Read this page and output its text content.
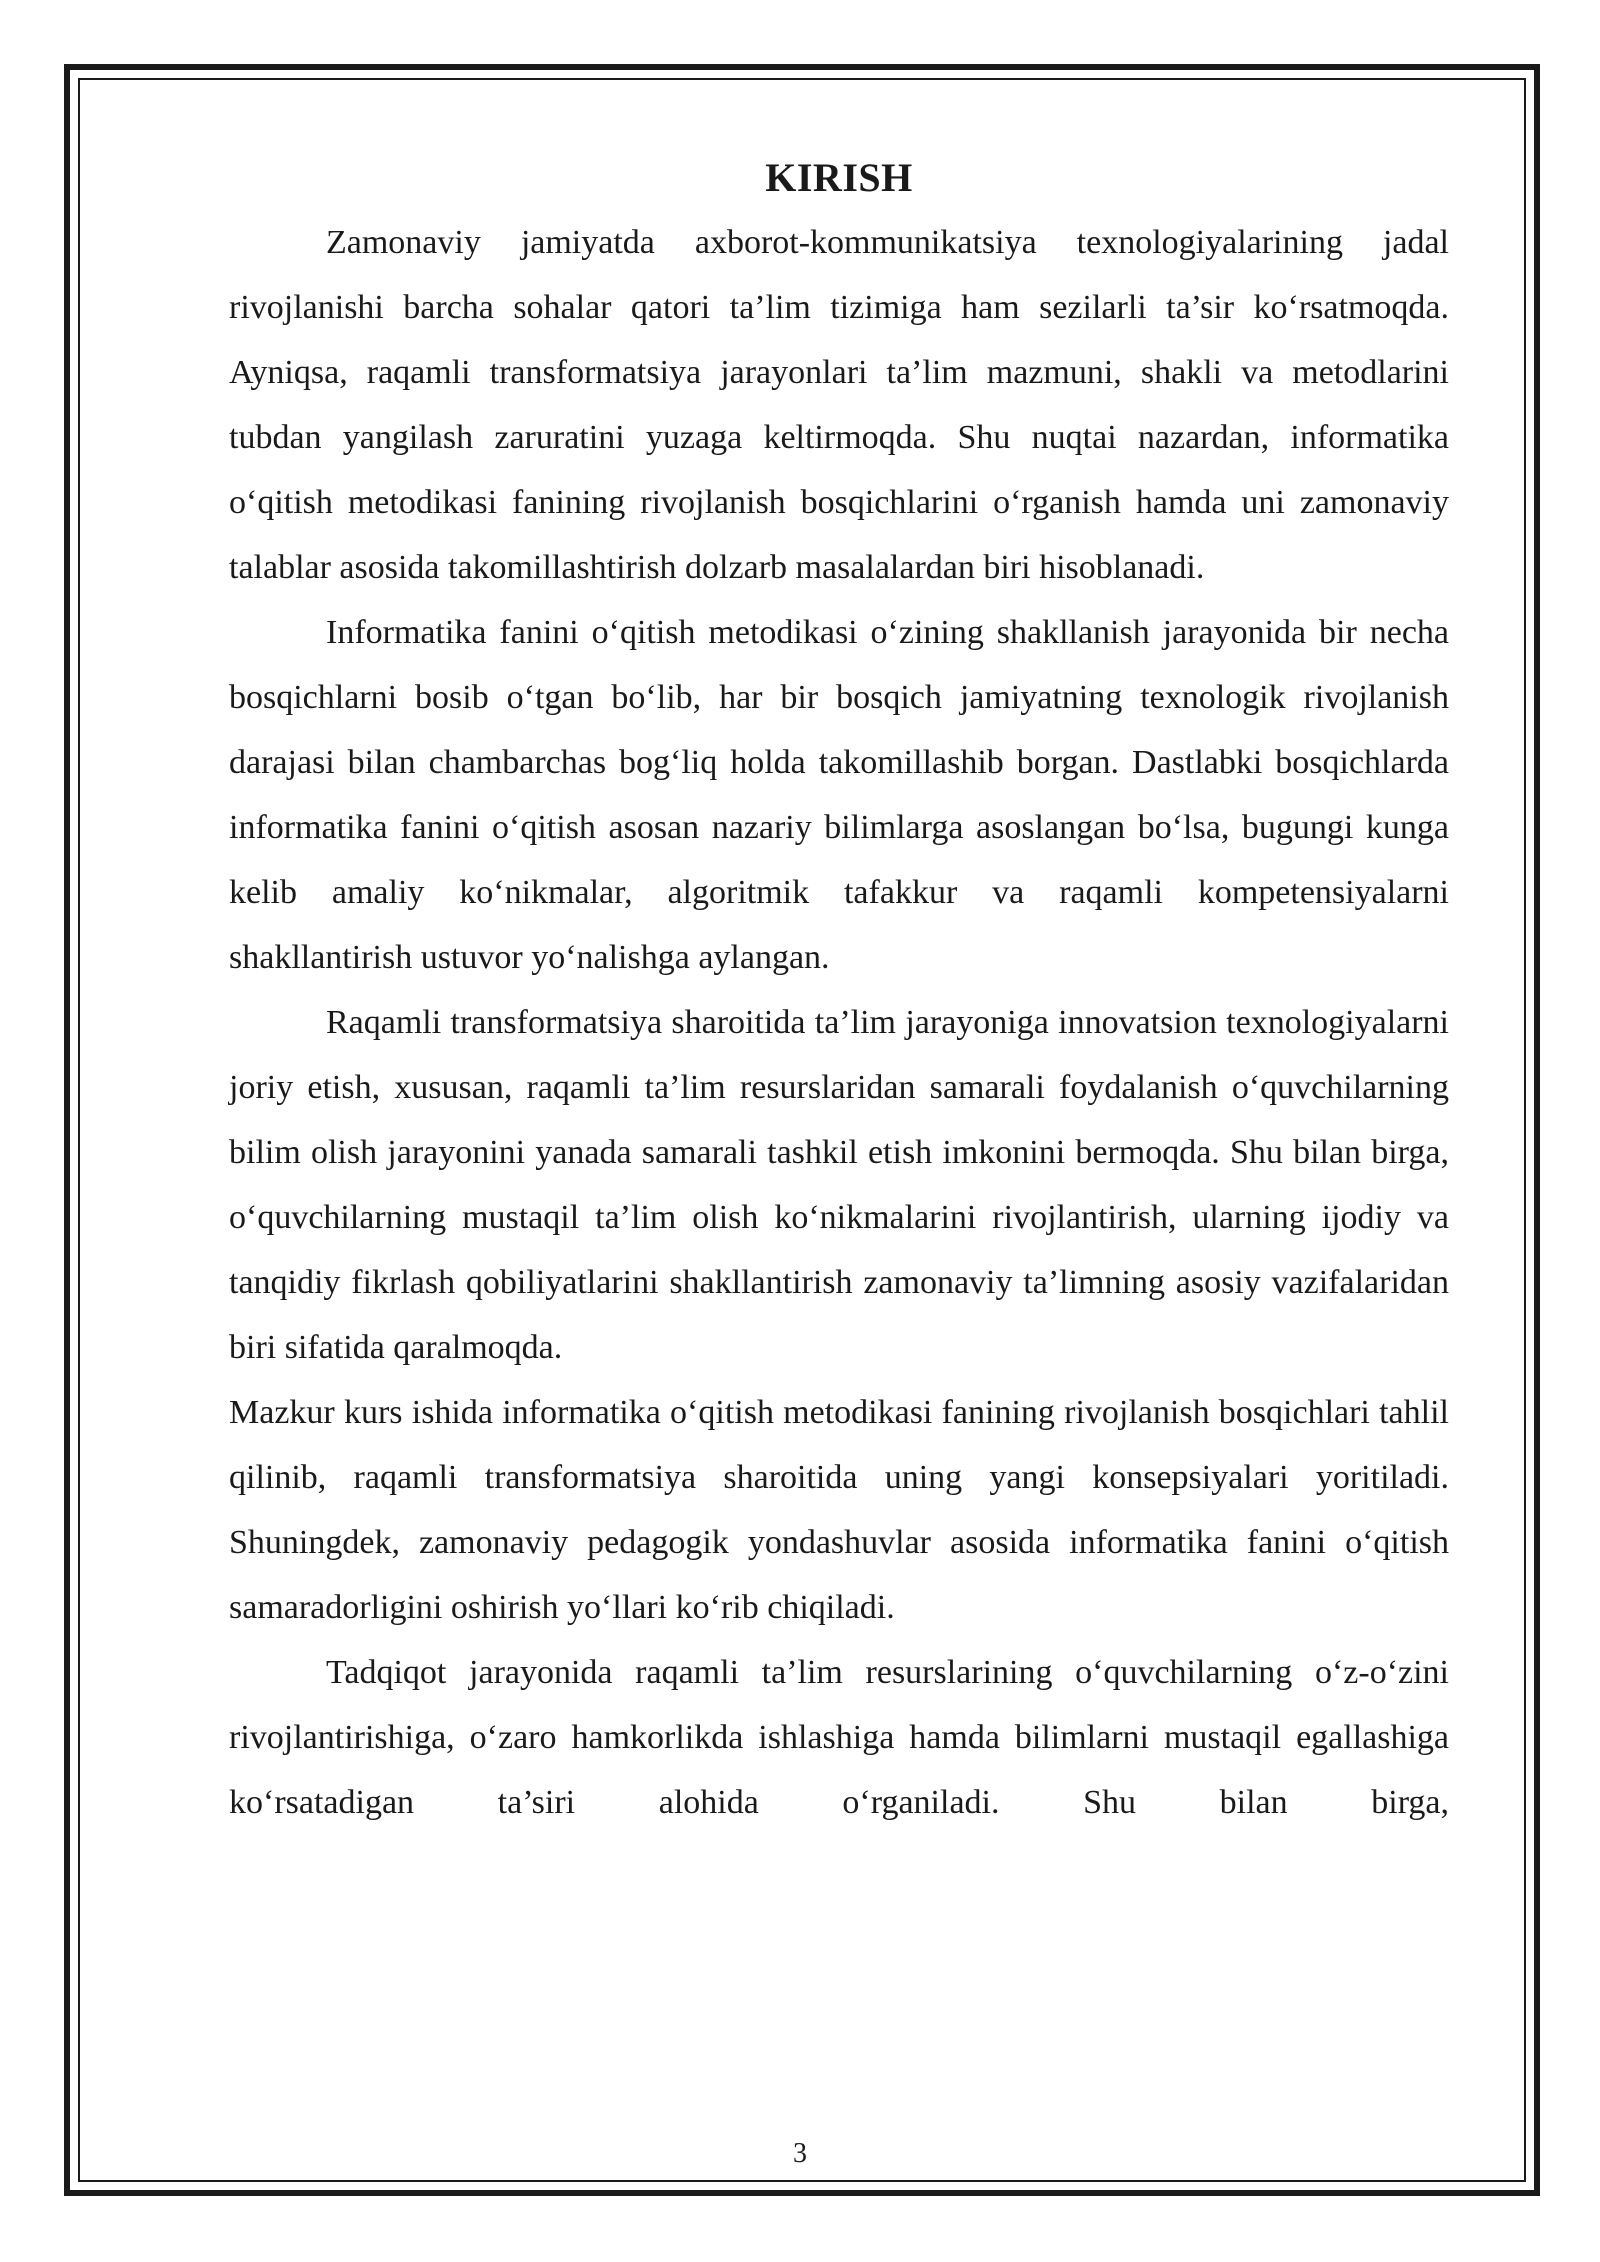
KIRISH

Zamonaviy jamiyatda axborot-kommunikatsiya texnologiyalarining jadal rivojlanishi barcha sohalar qatori ta’lim tizimiga ham sezilarli ta’sir ko‘rsatmoqda. Ayniqsa, raqamli transformatsiya jarayonlari ta’lim mazmuni, shakli va metodlarini tubdan yangilash zaruratini yuzaga keltirmoqda. Shu nuqtai nazardan, informatika o‘qitish metodikasi fanining rivojlanish bosqichlarini o‘rganish hamda uni zamonaviy talablar asosida takomillashtirish dolzarb masalalardan biri hisoblanadi.

Informatika fanini o‘qitish metodikasi o‘zining shakllanish jarayonida bir necha bosqichlarni bosib o‘tgan bo‘lib, har bir bosqich jamiyatning texnologik rivojlanish darajasi bilan chambarchas bog‘liq holda takomillashib borgan. Dastlabki bosqichlarda informatika fanini o‘qitish asosan nazariy bilimlarga asoslangan bo‘lsa, bugungi kunga kelib amaliy ko‘nikmalar, algoritmik tafakkur va raqamli kompetensiyalarni shakllantirish ustuvor yo‘nalishga aylangan.

Raqamli transformatsiya sharoitida ta’lim jarayoniga innovatsion texnologiyalarni joriy etish, xususan, raqamli ta’lim resurslaridan samarali foydalanish o‘quvchilarning bilim olish jarayonini yanada samarali tashkil etish imkonini bermoqda. Shu bilan birga, o‘quvchilarning mustaqil ta’lim olish ko‘nikmalarini rivojlantirish, ularning ijodiy va tanqidiy fikrlash qobiliyatlarini shakllantirish zamonaviy ta’limning asosiy vazifalaridan biri sifatida qaralmoqda.

Mazkur kurs ishida informatika o‘qitish metodikasi fanining rivojlanish bosqichlari tahlil qilinib, raqamli transformatsiya sharoitida uning yangi konsepsiyalari yoritiladi. Shuningdek, zamonaviy pedagogik yondashuvlar asosida informatika fanini o‘qitish samaradorligini oshirish yo‘llari ko‘rib chiqiladi.

Tadqiqot jarayonida raqamli ta’lim resurslarining o‘quvchilarning o‘z-o‘zini rivojlantirishiga, o‘zaro hamkorlikda ishlashiga hamda bilimlarni mustaqil egallashiga ko‘rsatadigan ta’siri alohida o‘rganiladi. Shu bilan birga,

3
